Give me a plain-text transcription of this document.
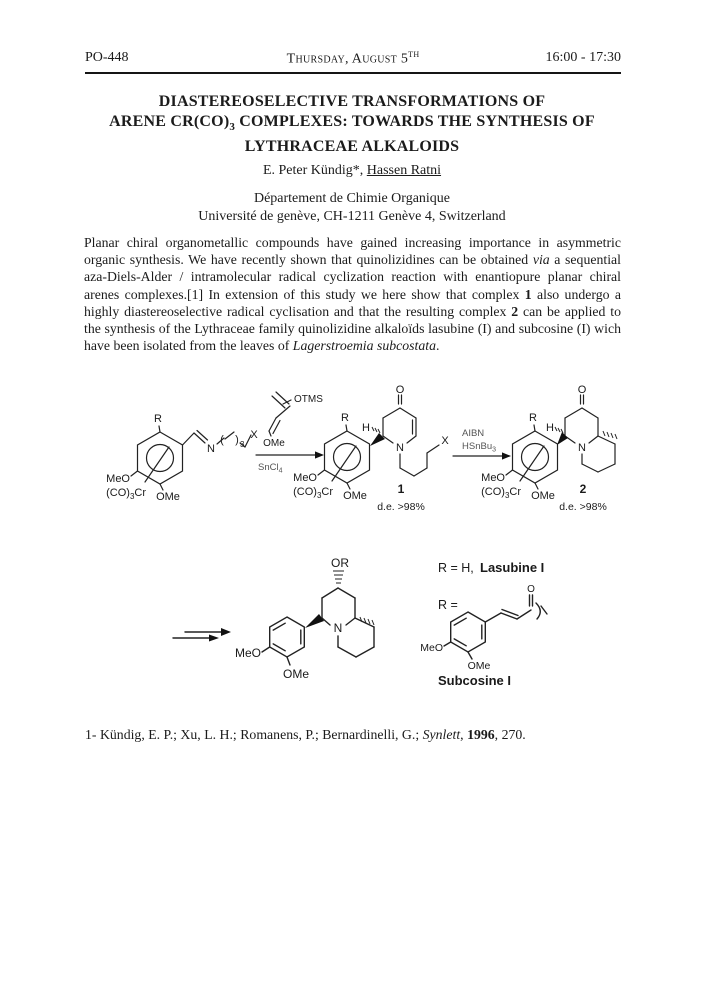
PO-448	Thursday, August 5TH	16:00 - 17:30
DIASTEREOSELECTIVE TRANSFORMATIONS OF
ARENE $CR(CO)_3$ COMPLEXES: TOWARDS THE SYNTHESIS OF
LYTHRACEAE ALKALOIDS
E. Peter Kündig*, Hassen Ratni
Département de Chimie Organique
Université de genève, CH-1211 Genève 4, Switzerland

Planar chiral organometallic compounds have gained increasing importance in asymmetric organic synthesis. We have recently shown that quinolizidines can be obtained via a sequential aza-Diels-Alder / intramolecular radical cyclization reaction with enantiopure planar chiral arenes complexes.[1] In extension of this study we here show that complex 1 also undergo a highly diastereoselective radical cyclisation and that the resulting complex 2 can be applied to the synthesis of the Lythraceae family quinolizidine alkaloïds lasubine (I) and subcosine (I) wich have been isolated from the leaves of Lagerstroemia subcostata.

R
MeO
OMe
$(CO)_3Cr$
N
( ) 3
X
OTMS
OMe
SnCl$_4$
R
MeO
OMe
$(CO)_3Cr$
H
O
N
X
1
d.e. >98%
AIBN
HSnBu$_3$
R
MeO
OMe
$(CO)_3Cr$
H
O
N
2
d.e. >98%
MeO
OMe
OR
N
R = H, Lasubine I
R =
MeO
OMe
O
Subcosine I
1- Kündig, E. P.; Xu, L. H.; Romanens, P.; Bernardinelli, G.; Synlett, 1996, 270.
